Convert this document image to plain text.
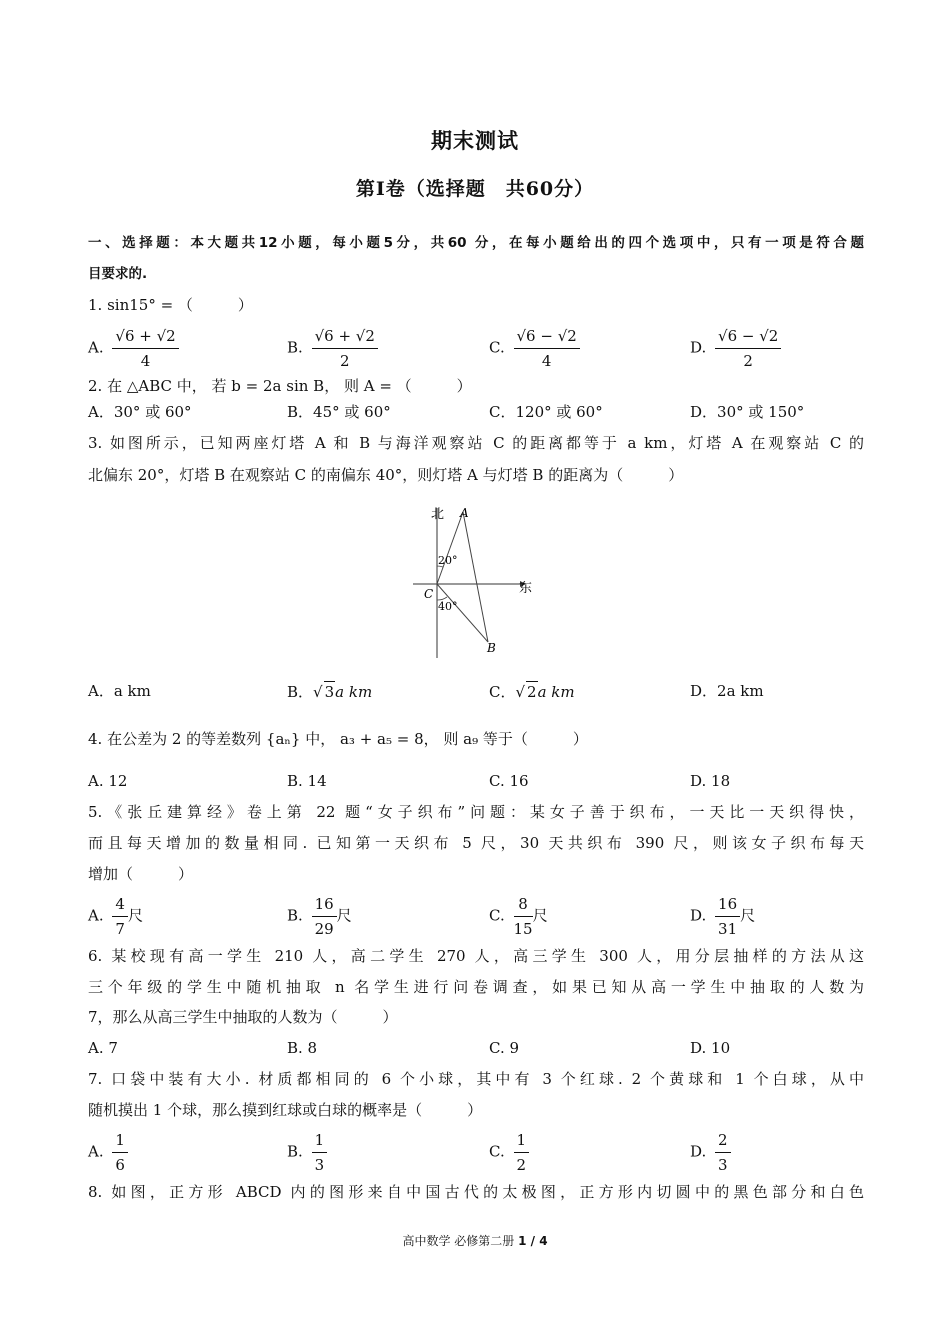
期末测试
第Ⅰ卷（选择题　共60分）
一、选择题：本大题共12小题，每小题5分，共60 分，在每小题给出的四个选项中，只有一项是符合题
目要求的.
1. sin15° = （　　　）
A. $\frac{√6 + √2}{4}$	B. $\frac{√6 + √2}{2}$	C. $\frac{√6 - √2}{4}$	D. $\frac{√6 - √2}{2}$
2. 在 △ABC 中， 若 b = 2a sin B， 则 A = （　　　）
A．30° 或 60°	B．45° 或 60°	C．120° 或 60°	D．30° 或 150°
3. 如图所示，已知两座灯塔 A 和 B 与海洋观察站 C 的距离都等于 a km，灯塔 A 在观察站 C 的
北偏东 20°，灯塔 B 在观察站 C 的南偏东 40°，则灯塔 A 与灯塔 B 的距离为（　　　）
北
东
A
B
C
20°
40°
A．a km	B．√ 3a km	C．√ 2a km	D．2a km
4. 在公差为 2 的等差数列 {aₙ} 中， a₃ + a₅ = 8， 则 a₉ 等于（　　　）
A. 12	B. 14	C. 16	D. 18
5.《张丘建算经》卷上第 22 题“女子织布”问题：某女子善于织布，一天比一天织得快，
而且每天增加的数量相同. 已知第一天织布 5 尺，30 天共织布 390 尺，则该女子织布每天
增加（　　　）
A. $\frac{4}{7}$ 尺	B. $\frac{16}{29}$ 尺	C. $\frac{8}{15}$ 尺	D. $\frac{16}{31}$ 尺
6. 某校现有高一学生 210 人，高二学生 270 人，高三学生 300 人，用分层抽样的方法从这
三个年级的学生中随机抽取 n 名学生进行问卷调查，如果已知从高一学生中抽取的人数为
7，那么从高三学生中抽取的人数为（　　　）
A. 7	B. 8	C. 9	D. 10
7. 口袋中装有大小. 材质都相同的 6 个小球，其中有 3 个红球. 2 个黄球和 1 个白球，从中
随机摸出 1 个球，那么摸到红球或白球的概率是（　　　）
A. $\frac{1}{6}$	B. $\frac{1}{3}$	C. $\frac{1}{2}$	D. $\frac{2}{3}$
8. 如图，正方形 ABCD 内的图形来自中国古代的太极图，正方形内切圆中的黑色部分和白色
高中数学 必修第二册 1 / 4
